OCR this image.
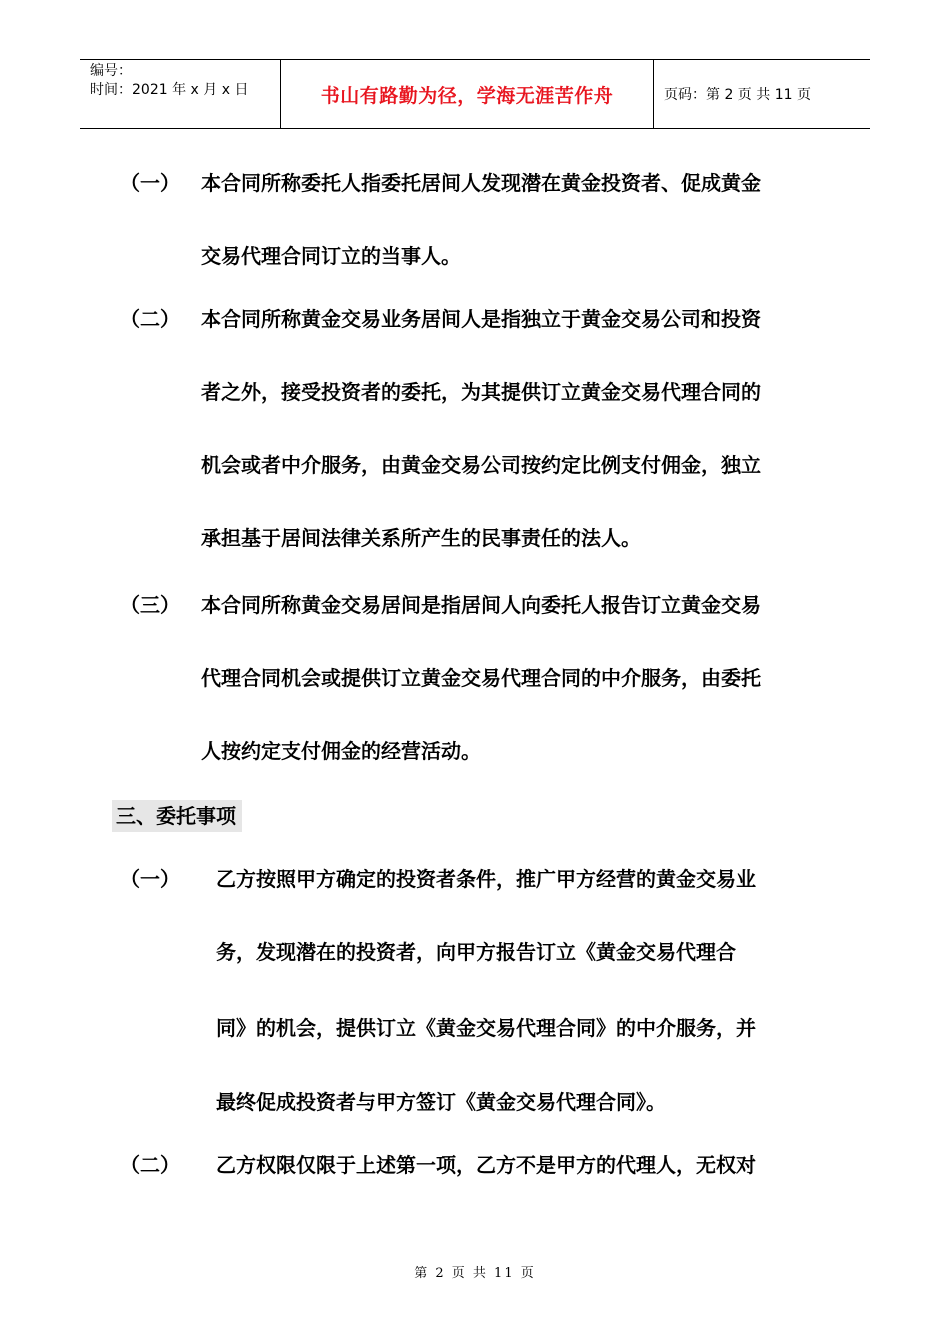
编号：
时间：2021 年 x 月 x 日	书山有路勤为径，学海无涯苦作舟	页码：第 2 页 共 11 页
（一） 本合同所称委托人指委托居间人发现潜在黄金投资者、促成黄金
交易代理合同订立的当事人。
（二） 本合同所称黄金交易业务居间人是指独立于黄金交易公司和投资
者之外，接受投资者的委托，为其提供订立黄金交易代理合同的
机会或者中介服务，由黄金交易公司按约定比例支付佣金，独立
承担基于居间法律关系所产生的民事责任的法人。
（三） 本合同所称黄金交易居间是指居间人向委托人报告订立黄金交易
代理合同机会或提供订立黄金交易代理合同的中介服务，由委托
人按约定支付佣金的经营活动。
三、委托事项
（一） 乙方按照甲方确定的投资者条件，推广甲方经营的黄金交易业
务，发现潜在的投资者，向甲方报告订立《黄金交易代理合
同》的机会，提供订立《黄金交易代理合同》的中介服务，并
最终促成投资者与甲方签订《黄金交易代理合同》。
（二） 乙方权限仅限于上述第一项，乙方不是甲方的代理人，无权对
第 2 页 共 11 页
